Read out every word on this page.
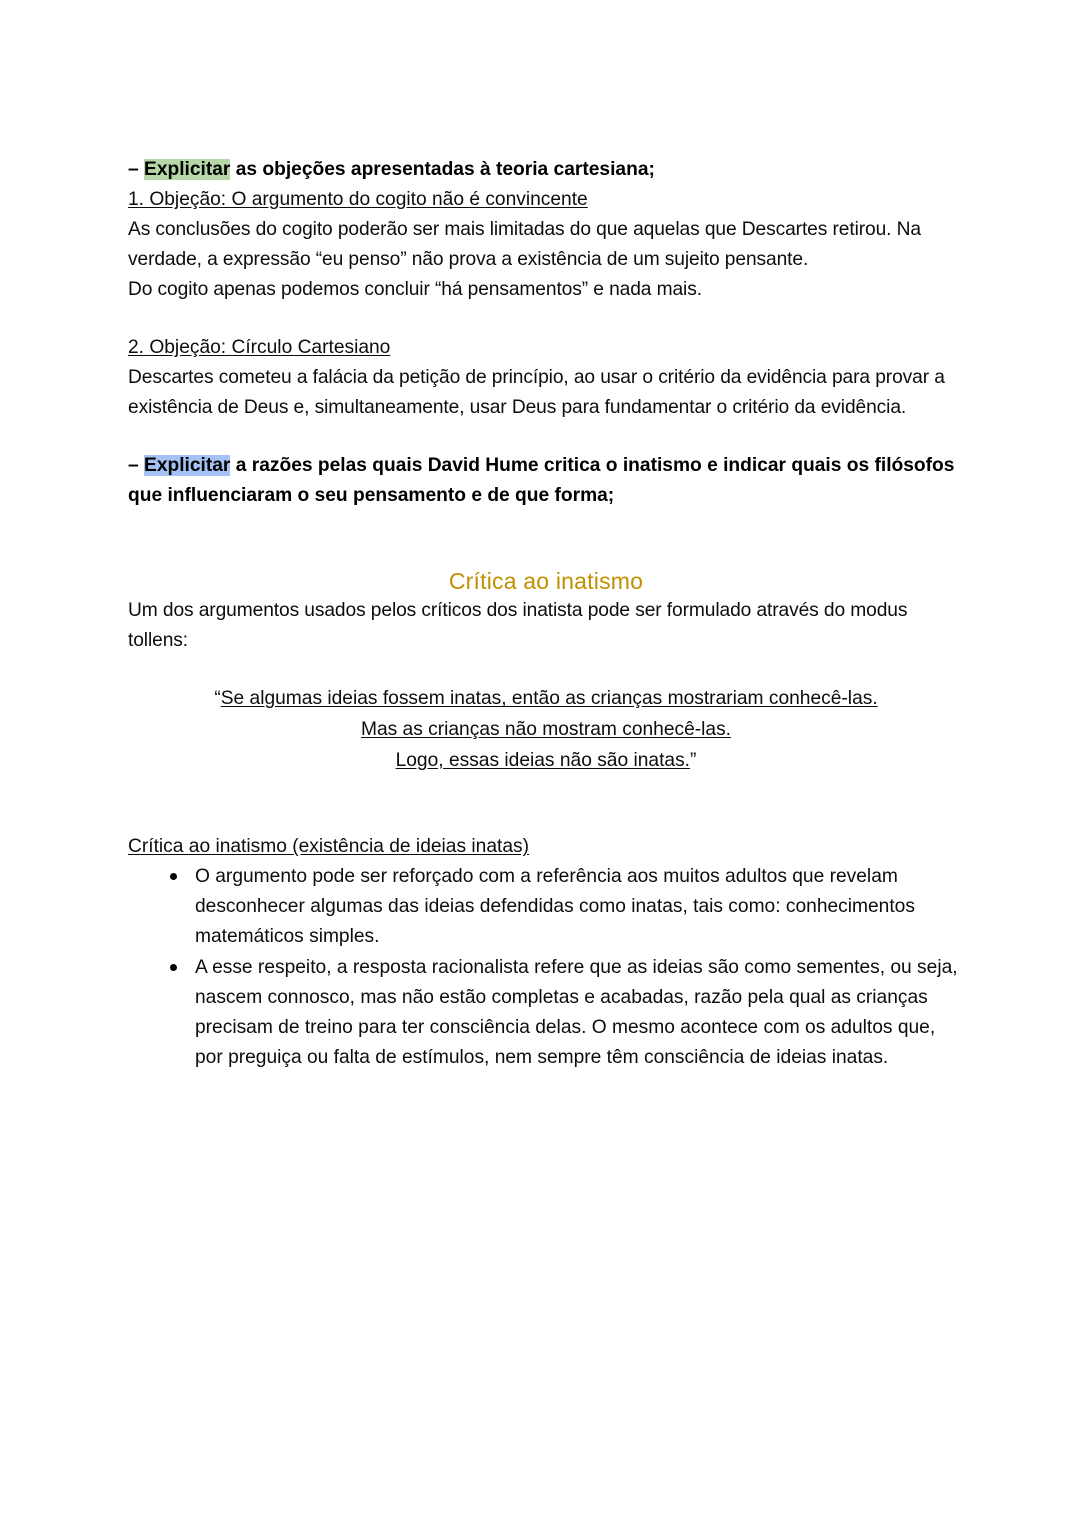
– Explicitar as objeções apresentadas à teoria cartesiana;

1. Objeção: O argumento do cogito não é convincente

As conclusões do cogito poderão ser mais limitadas do que aquelas que Descartes retirou. Na verdade, a expressão “eu penso” não prova a existência de um sujeito pensante.

Do cogito apenas podemos concluir “há pensamentos” e nada mais.

2. Objeção: Círculo Cartesiano

Descartes cometeu a falácia da petição de princípio, ao usar o critério da evidência para provar a existência de Deus e, simultaneamente, usar Deus para fundamentar o critério da evidência.

– Explicitar a razões pelas quais David Hume critica o inatismo e indicar quais os filósofos que influenciaram o seu pensamento e de que forma;

Crítica ao inatismo

Um dos argumentos usados pelos críticos dos inatista pode ser formulado através do modus tollens:

“Se algumas ideias fossem inatas, então as crianças mostrariam conhecê-las.
Mas as crianças não mostram conhecê-las.
Logo, essas ideias não são inatas.”

Crítica ao inatismo (existência de ideias inatas)

O argumento pode ser reforçado com a referência aos muitos adultos que revelam desconhecer algumas das ideias defendidas como inatas, tais como: conhecimentos matemáticos simples.
A esse respeito, a resposta racionalista refere que as ideias são como sementes, ou seja, nascem connosco, mas não estão completas e acabadas, razão pela qual as crianças precisam de treino para ter consciência delas. O mesmo acontece com os adultos que, por preguiça ou falta de estímulos, nem sempre têm consciência de ideias inatas.
